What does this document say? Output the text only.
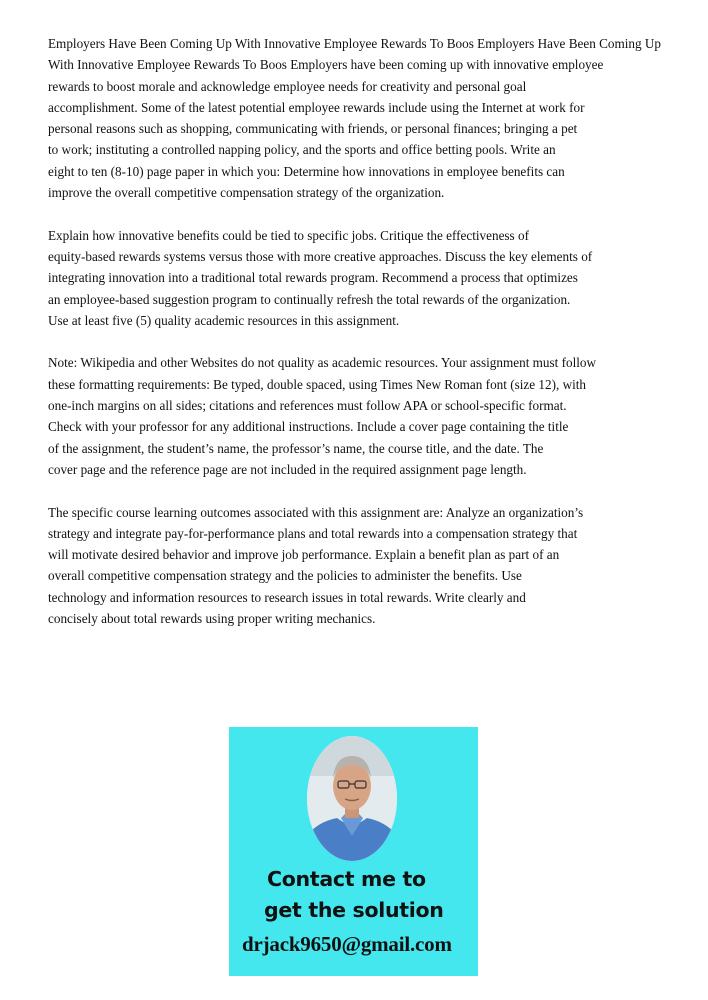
Employers Have Been Coming Up With Innovative Employee Rewards To Boos Employers Have Been Coming Up
With Innovative Employee Rewards To Boos Employers have been coming up with innovative employee
rewards to boost morale and acknowledge employee needs for creativity and personal goal
accomplishment. Some of the latest potential employee rewards include using the Internet at work for
personal reasons such as shopping, communicating with friends, or personal finances; bringing a pet
to work; instituting a controlled napping policy, and the sports and office betting pools. Write an
eight to ten (8-10) page paper in which you: Determine how innovations in employee benefits can
improve the overall competitive compensation strategy of the organization.
Explain how innovative benefits could be tied to specific jobs. Critique the effectiveness of
equity-based rewards systems versus those with more creative approaches. Discuss the key elements of
integrating innovation into a traditional total rewards program. Recommend a process that optimizes
an employee-based suggestion program to continually refresh the total rewards of the organization.
Use at least five (5) quality academic resources in this assignment.
Note: Wikipedia and other Websites do not quality as academic resources. Your assignment must follow
these formatting requirements: Be typed, double spaced, using Times New Roman font (size 12), with
one-inch margins on all sides; citations and references must follow APA or school-specific format.
Check with your professor for any additional instructions. Include a cover page containing the title
of the assignment, the student’s name, the professor’s name, the course title, and the date. The
cover page and the reference page are not included in the required assignment page length.
The specific course learning outcomes associated with this assignment are: Analyze an organization’s
strategy and integrate pay-for-performance plans and total rewards into a compensation strategy that
will motivate desired behavior and improve job performance. Explain a benefit plan as part of an
overall competitive compensation strategy and the policies to administer the benefits. Use
technology and information resources to research issues in total rewards. Write clearly and
concisely about total rewards using proper writing mechanics.
Contact me to
get the solution
drjack9650@gmail.com
